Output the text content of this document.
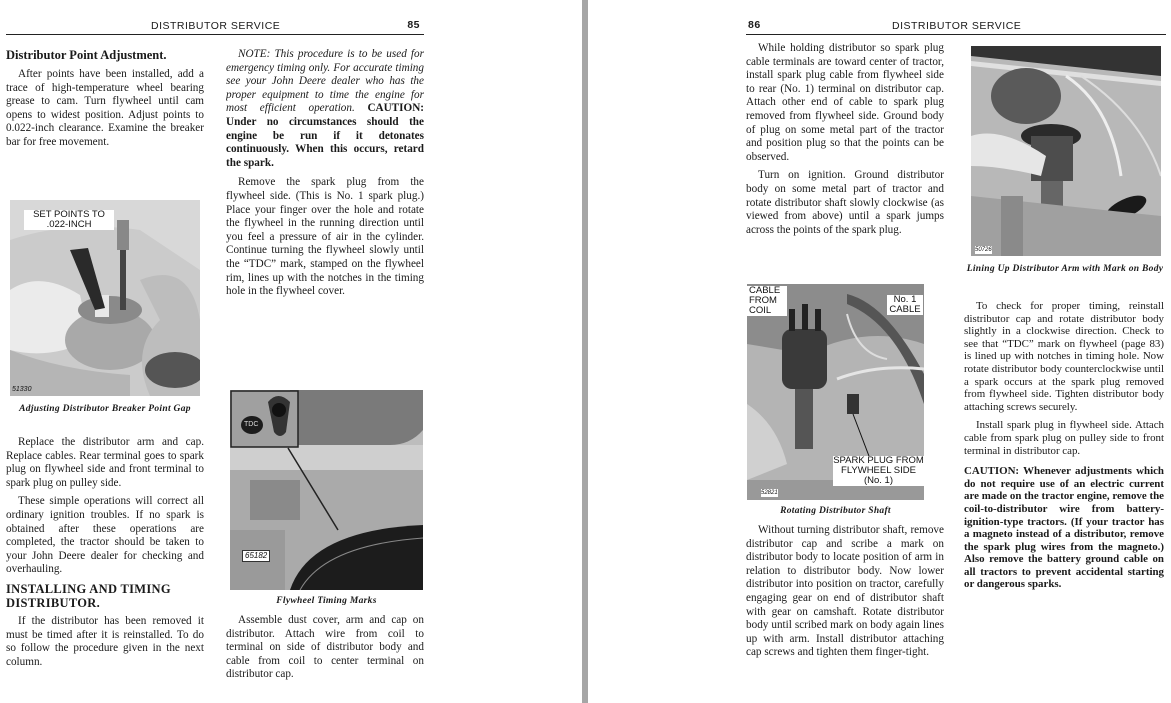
DISTRIBUTOR SERVICE	85

Distributor Point Adjustment.

After points have been installed, add a trace of high-temperature wheel bearing grease to cam. Turn flywheel until cam opens to widest position. Adjust points to 0.022-inch clearance. Examine the breaker bar for free movement.

SET POINTS TO .022-INCH
51330
Adjusting Distributor Breaker Point Gap

Replace the distributor arm and cap. Replace cables. Rear terminal goes to spark plug on flywheel side and front terminal to spark plug on pulley side.

These simple operations will correct all ordinary ignition troubles. If no spark is obtained after these operations are completed, the tractor should be taken to your John Deere dealer for checking and overhauling.

INSTALLING AND TIMING DISTRIBUTOR.

If the distributor has been removed it must be timed after it is reinstalled. To do so follow the procedure given in the next column.

NOTE: This procedure is to be used for emergency timing only. For accurate timing see your John Deere dealer who has the proper equipment to time the engine for most efficient operation. CAUTION: Under no circumstances should the engine be run if it detonates continuously. When this occurs, retard the spark.

Remove the spark plug from the flywheel side. (This is No. 1 spark plug.) Place your finger over the hole and rotate the flywheel in the running direction until you feel a pressure of air in the cylinder. Continue turning the flywheel slowly until the “TDC” mark, stamped on the flywheel rim, lines up with the notches in the timing hole in the flywheel cover.

TDC
65182
Flywheel Timing Marks

Assemble dust cover, arm and cap on distributor. Attach wire from coil to terminal on side of distributor body and cable from coil to center terminal on distributor cap.

86	DISTRIBUTOR SERVICE

While holding distributor so spark plug cable terminals are toward center of tractor, install spark plug cable from flywheel side to rear (No. 1) terminal on distributor cap. Attach other end of cable to spark plug removed from flywheel side. Ground body of plug on some metal part of the tractor and position plug so that the points can be observed.

Turn on ignition. Ground distributor body on some metal part of tractor and rotate distributor shaft slowly clockwise (as viewed from above) until a spark jumps across the points of the spark plug.

CABLE FROM COIL
No. 1 CABLE
SPARK PLUG FROM FLYWHEEL SIDE (No. 1)
52821
Rotating Distributor Shaft

Without turning distributor shaft, remove distributor cap and scribe a mark on distributor body to locate position of arm in relation to distributor body. Now lower distributor into position on tractor, carefully engaging gear on end of distributor shaft with gear on camshaft. Rotate distributor body until scribed mark on body again lines up with arm. Install distributor attaching cap screws and tighten them finger-tight.

50726
Lining Up Distributor Arm with Mark on Body

To check for proper timing, reinstall distributor cap and rotate distributor body slightly in a clockwise direction. Check to see that “TDC” mark on flywheel (page 83) is lined up with notches in timing hole. Now rotate distributor body counterclockwise until a spark occurs at the spark plug removed from flywheel side. Tighten distributor body attaching screws securely.

Install spark plug in flywheel side. Attach cable from spark plug on pulley side to front terminal in distributor cap.

CAUTION: Whenever adjustments which do not require use of an electric current are made on the tractor engine, remove the coil-to-distributor wire from battery-ignition-type tractors. (If your tractor has a magneto instead of a distributor, remove the spark plug wires from the magneto.) Also remove the battery ground cable on all tractors to prevent accidental starting or dangerous sparks.
